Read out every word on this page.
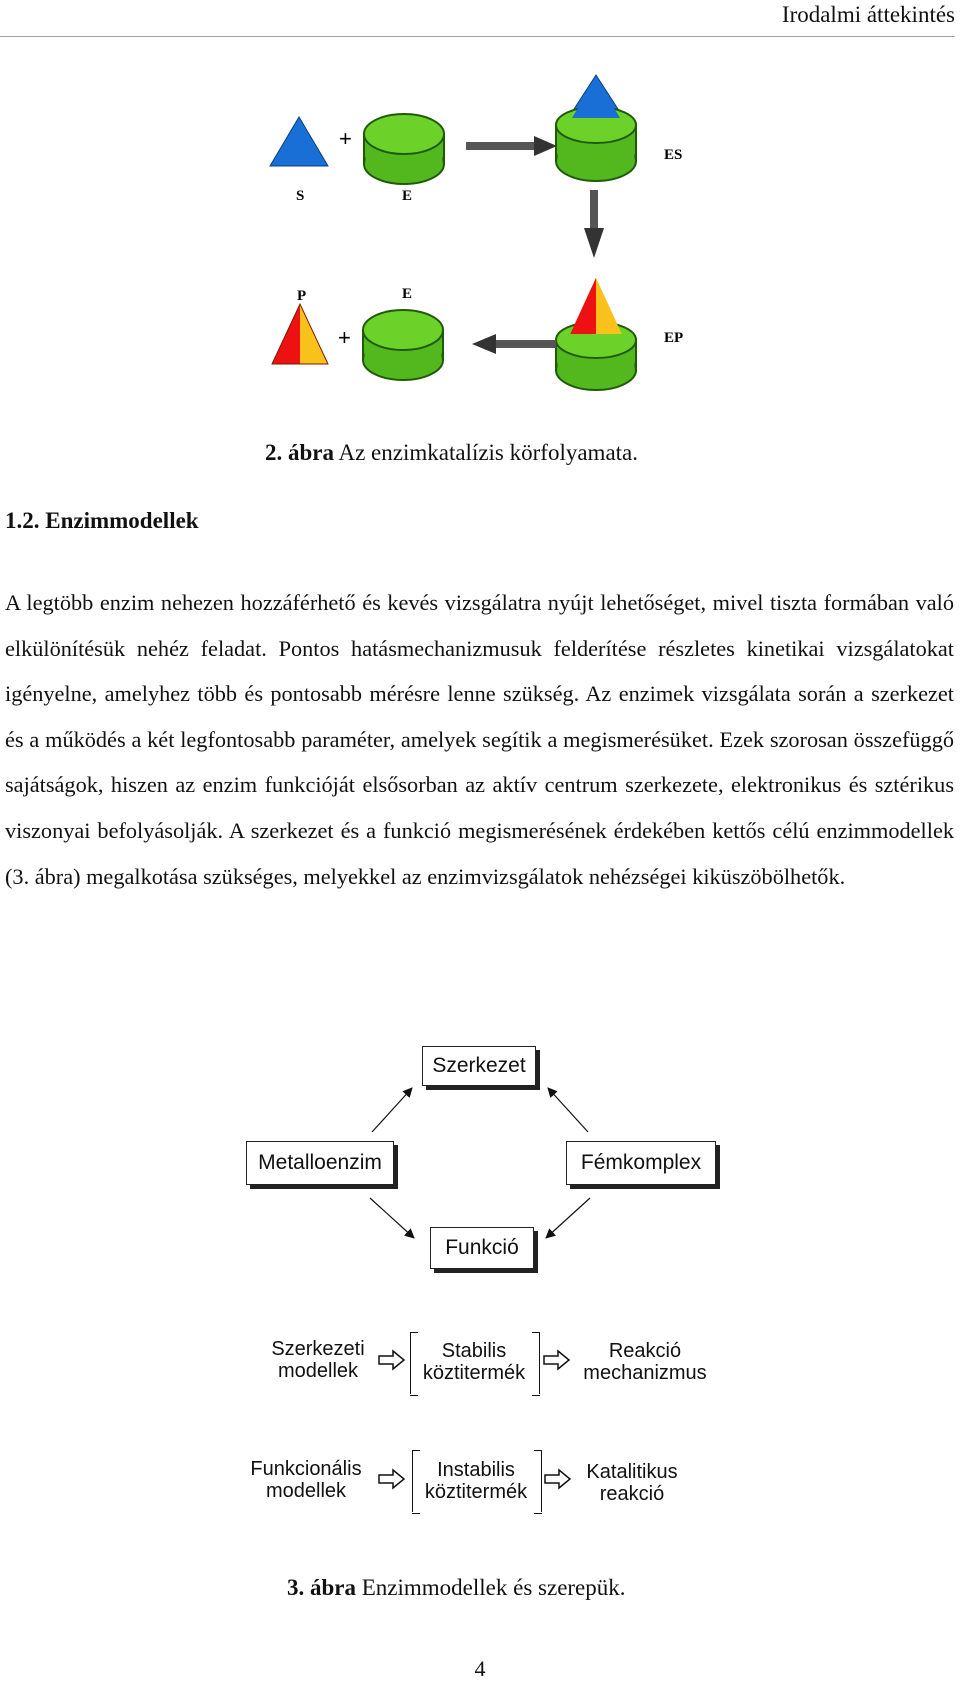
Irodalmi áttekintés
+
ES
S	E
EP
E
+
P
2. ábra Az enzimkatalízis körfolyamata.
1.2. Enzimmodellek
A legtöbb enzim nehezen hozzáférhető és kevés vizsgálatra nyújt lehetőséget, mivel tiszta formában való elkülönítésük nehéz feladat. Pontos hatásmechanizmusuk felderítése részletes kinetikai vizsgálatokat igényelne, amelyhez több és pontosabb mérésre lenne szükség. Az enzimek vizsgálata során a szerkezet és a működés a két legfontosabb paraméter, amelyek segítik a megismerésüket. Ezek szorosan összefüggő sajátságok, hiszen az enzim funkcióját elsősorban az aktív centrum szerkezete, elektronikus és sztérikus viszonyai befolyásolják. A szerkezet és a funkció megismerésének érdekében kettős célú enzimmodellek (3. ábra) megalkotása szükséges, melyekkel az enzimvizsgálatok nehézségei kiküszöbölhetők.
Szerkezet
Metalloenzim	Fémkomplex
Funkció
Szerkezeti
modellek
Stabilis
köztitermék
Reakció
mechanizmus
Funkcionális
modellek
Instabilis
köztitermék
Katalitikus
reakció
3. ábra Enzimmodellek és szerepük.
4
